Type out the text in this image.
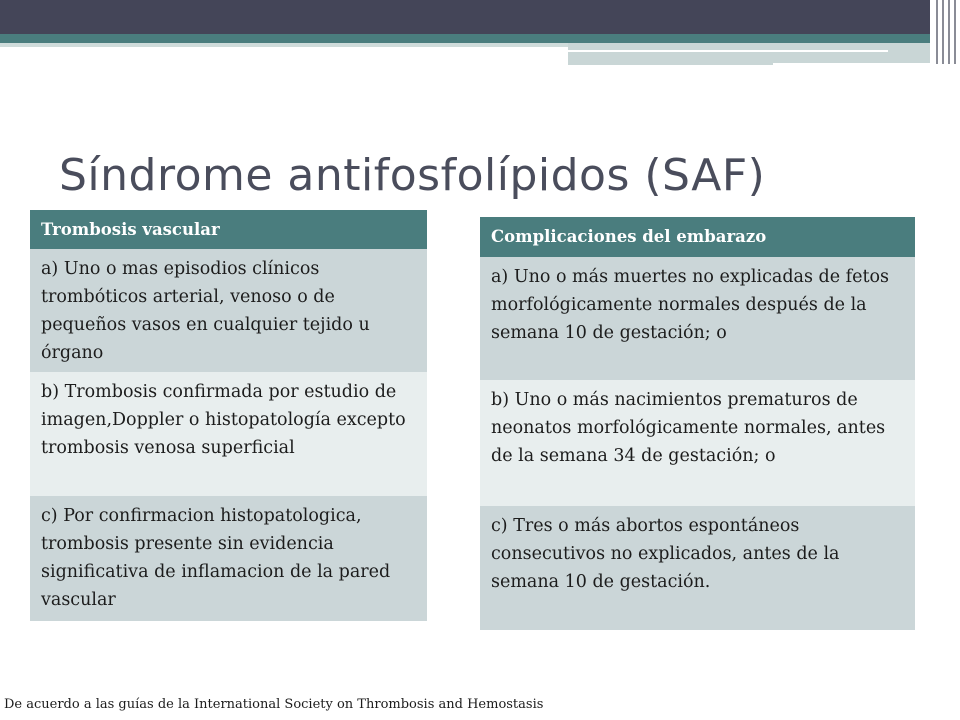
Síndrome antifosfolípidos (SAF)
Trombosis vascular
a) Uno o mas episodios clínicos trombóticos arterial, venoso o de pequeños vasos en cualquier tejido u órgano
b) Trombosis confirmada por estudio de imagen,Doppler o histopatología excepto trombosis venosa superficial
c) Por confirmacion histopatologica, trombosis presente sin evidencia significativa de inflamacion de la pared vascular
Complicaciones del embarazo
a) Uno o más muertes no explicadas de fetos morfológicamente normales después de la semana 10 de gestación; o
b) Uno o más nacimientos prematuros de neonatos morfológicamente normales, antes de la semana 34 de gestación; o
c) Tres o más abortos espontáneos consecutivos no explicados, antes de la semana 10 de gestación.
De acuerdo a las guías de la International Society on Thrombosis and Hemostasis
